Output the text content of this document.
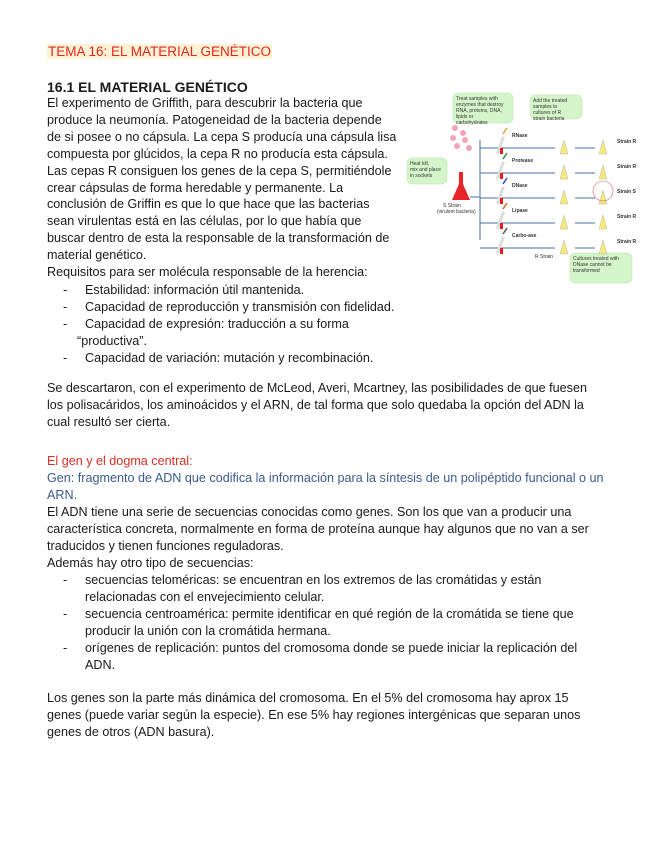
TEMA 16: EL MATERIAL GENÉTICO
16.1 EL MATERIAL GENÉTICO
El experimento de Griffith, para descubrir la bacteria que
produce la neumonía. Patogeneidad de la bacteria depende
de si posee o no cápsula. La cepa S producía una cápsula lisa
compuesta por glúcidos, la cepa R no producía esta cápsula.
Las cepas R consiguen los genes de la cepa S, permitiéndole
crear cápsulas de forma heredable y permanente. La
conclusión de Griffin es que lo que hace que las bacterias
sean virulentas está en las células, por lo que había que
buscar dentro de esta la responsable de la transformación de
material genético.
Requisitos para ser molécula responsable de la herencia:
Estabilidad: información útil mantenida.
-
Capacidad de reproducción y transmisión con fidelidad.
-
Capacidad de expresión: traducción a su forma
-
“productiva”.
Capacidad de variación: mutación y recombinación.
-
Se descartaron, con el experimento de McLeod, Averi, Mcartney, las posibilidades de que fuesen
los polisacáridos, los aminoácidos y el ARN, de tal forma que solo quedaba la opción del ADN la
cual resultó ser cierta.
El gen y el dogma central:
Gen: fragmento de ADN que codifica la información para la síntesis de un polipéptido funcional o un
ARN.
El ADN tiene una serie de secuencias conocidas como genes. Son los que van a producir una
característica concreta, normalmente en forma de proteína aunque hay algunos que no van a ser
traducidos y tienen funciones reguladoras.
Además hay otro tipo de secuencias:
secuencias teloméricas: se encuentran en los extremos de las cromátidas y están
-
relacionadas con el envejecimiento celular.
secuencia centroamérica: permite identificar en qué región de la cromátida se tiene que
-
producir la unión con la cromátida hermana.
orígenes de replicación: puntos del cromosoma donde se puede iniciar la replicación del
-
ADN.
Los genes son la parte más dinámica del cromosoma. En el 5% del cromosoma hay aprox 15
genes (puede variar según la especie). En ese 5% hay regiones intergénicas que separan unos
genes de otros (ADN basura).
Treat samples with
enzymes that destroy
RNA, proteins, DNA,
lipids or
carbohydrates
Add the treated
samples to
cultures of R
strain bacteria
Heat kill,
mix and place
in sockets
Cultures treated with
DNase cannot be
transformed
S Strain
(virulent bacteria)
RNase
Strain R
Protease
Strain R
DNase
Strain S
Lipase
Strain R
Carbo-ase
Strain R
R Strain
